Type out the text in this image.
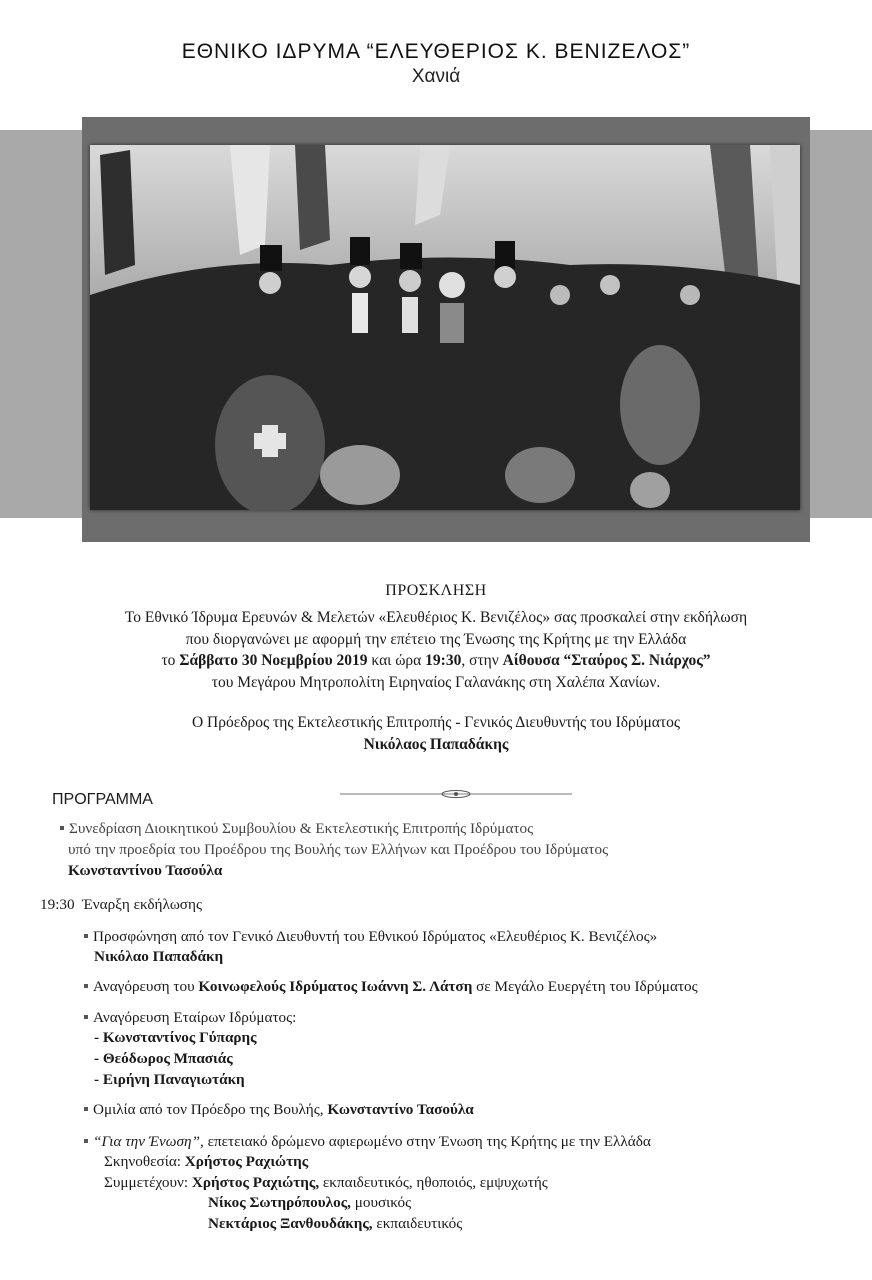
ΕΘΝΙΚΟ ΙΔΡΥΜΑ “ΕΛΕΥΘΕΡΙΟΣ Κ. ΒΕΝΙΖΕΛΟΣ”
Χανιά
ΠΡΟΣΚΛΗΣΗ
Το Εθνικό Ίδρυμα Ερευνών & Μελετών «Ελευθέριος Κ. Βενιζέλος» σας προσκαλεί στην εκδήλωση
που διοργανώνει με αφορμή την επέτειο της Ένωσης της Κρήτης με την Ελλάδα
το Σάββατο 30 Νοεμβρίου 2019 και ώρα 19:30, στην Αίθουσα “Σταύρος Σ. Νιάρχος”
του Μεγάρου Μητροπολίτη Ειρηναίος Γαλανάκης στη Χαλέπα Χανίων.
Ο Πρόεδρος της Εκτελεστικής Επιτροπής - Γενικός Διευθυντής του Ιδρύματος
Νικόλαος Παπαδάκης
ΠΡΟΓΡΑΜΜΑ
Συνεδρίαση Διοικητικού Συμβουλίου & Εκτελεστικής Επιτροπής Ιδρύματος
υπό την προεδρία του Προέδρου της Βουλής των Ελλήνων και Προέδρου του Ιδρύματος
Κωνσταντίνου Τασούλα
19:30 Έναρξη εκδήλωσης
Προσφώνηση από τον Γενικό Διευθυντή του Εθνικού Ιδρύματος «Ελευθέριος Κ. Βενιζέλος»
Νικόλαο Παπαδάκη
Αναγόρευση του Κοινωφελούς Ιδρύματος Ιωάννη Σ. Λάτση σε Μεγάλο Ευεργέτη του Ιδρύματος
Αναγόρευση Εταίρων Ιδρύματος:
- Κωνσταντίνος Γύπαρης
- Θεόδωρος Μπασιάς
- Ειρήνη Παναγιωτάκη
Ομιλία από τον Πρόεδρο της Βουλής, Κωνσταντίνο Τασούλα
“Για την Ένωση”, επετειακό δρώμενο αφιερωμένο στην Ένωση της Κρήτης με την Ελλάδα
Σκηνοθεσία: Χρήστος Ραχιώτης
Συμμετέχουν: Χρήστος Ραχιώτης, εκπαιδευτικός, ηθοποιός, εμψυχωτής
Νίκος Σωτηρόπουλος, μουσικός
Νεκτάριος Ξανθουδάκης, εκπαιδευτικός
